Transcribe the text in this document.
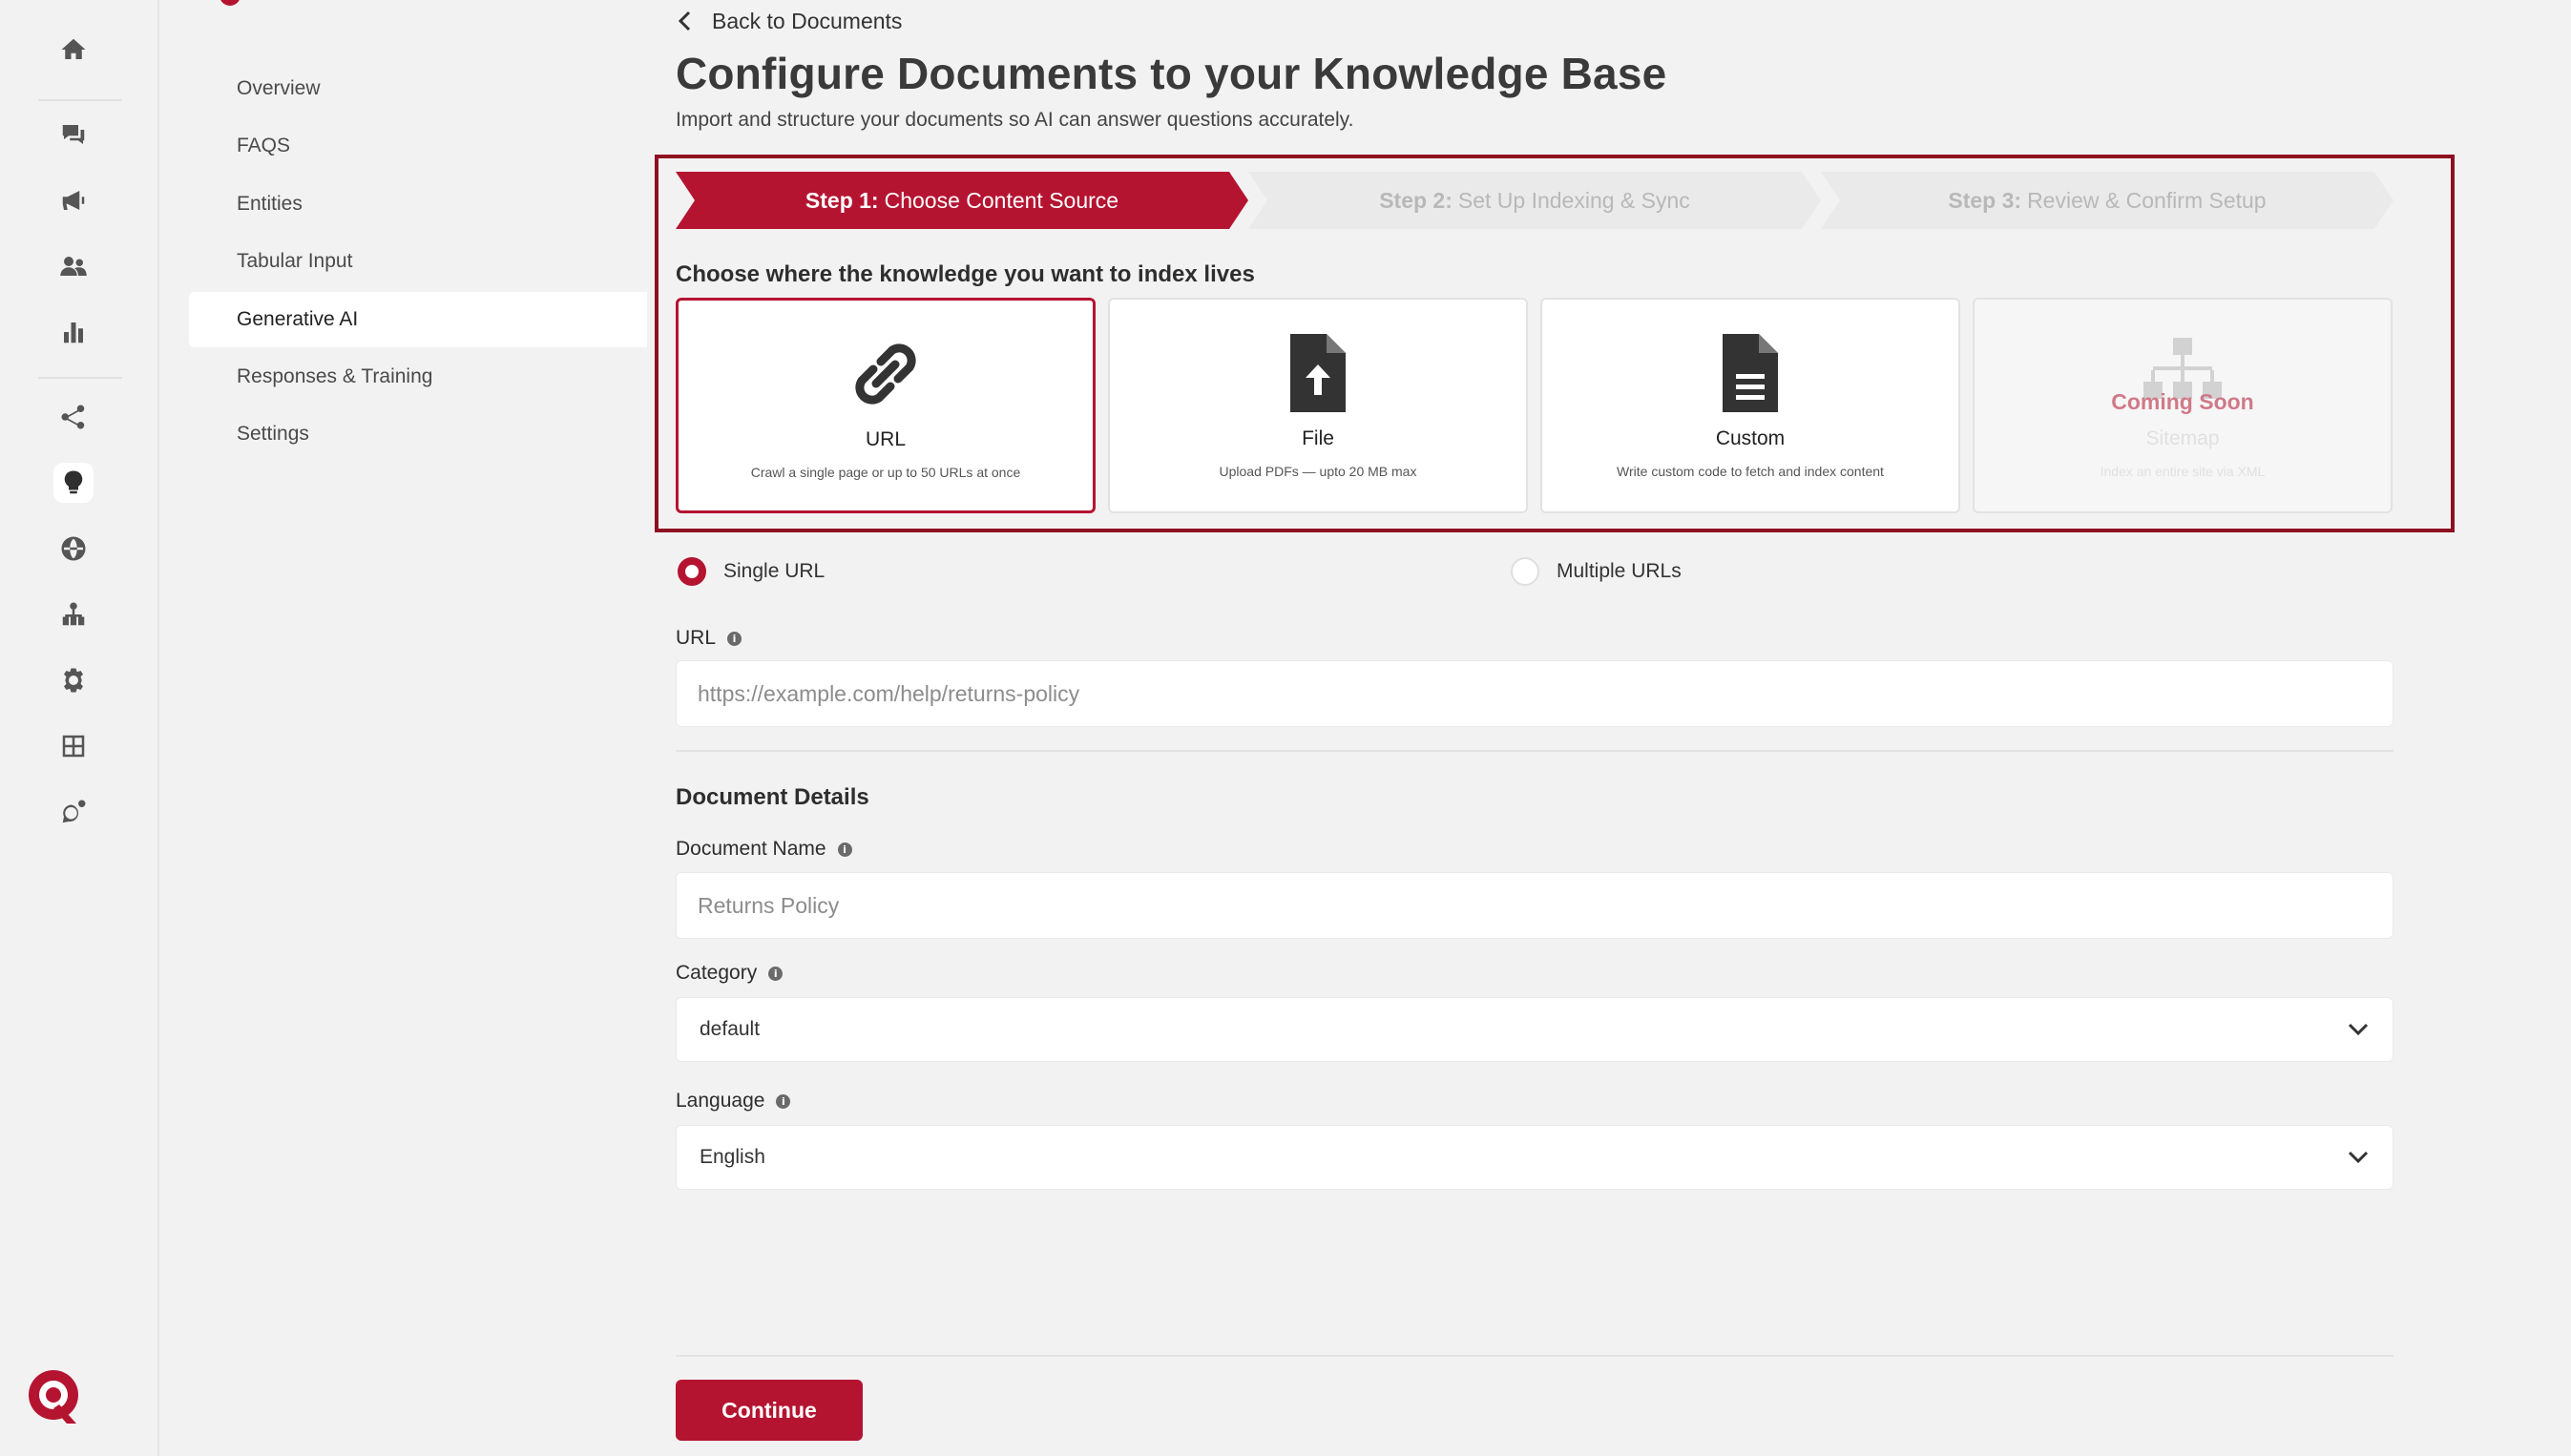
Overview
FAQS
Entities
Tabular Input
Generative AI
Responses & Training
Settings
Back to Documents
Configure Documents to your Knowledge Base
Import and structure your documents so AI can answer questions accurately.
Step 1: Choose Content Source	Step 2: Set Up Indexing & Sync	Step 3: Review & Confirm Setup
Choose where the knowledge you want to index lives
URL
Crawl a single page or up to 50 URLs at once
File
Upload PDFs — upto 20 MB max
Custom
Write custom code to fetch and index content
Sitemap
Index an entire site via XML
Coming Soon
Single URL	Multiple URLs
URL	i
https://example.com/help/returns-policy
Document Details
Document Name	i
Returns Policy
Category	i
default
Language	i
English
Continue
